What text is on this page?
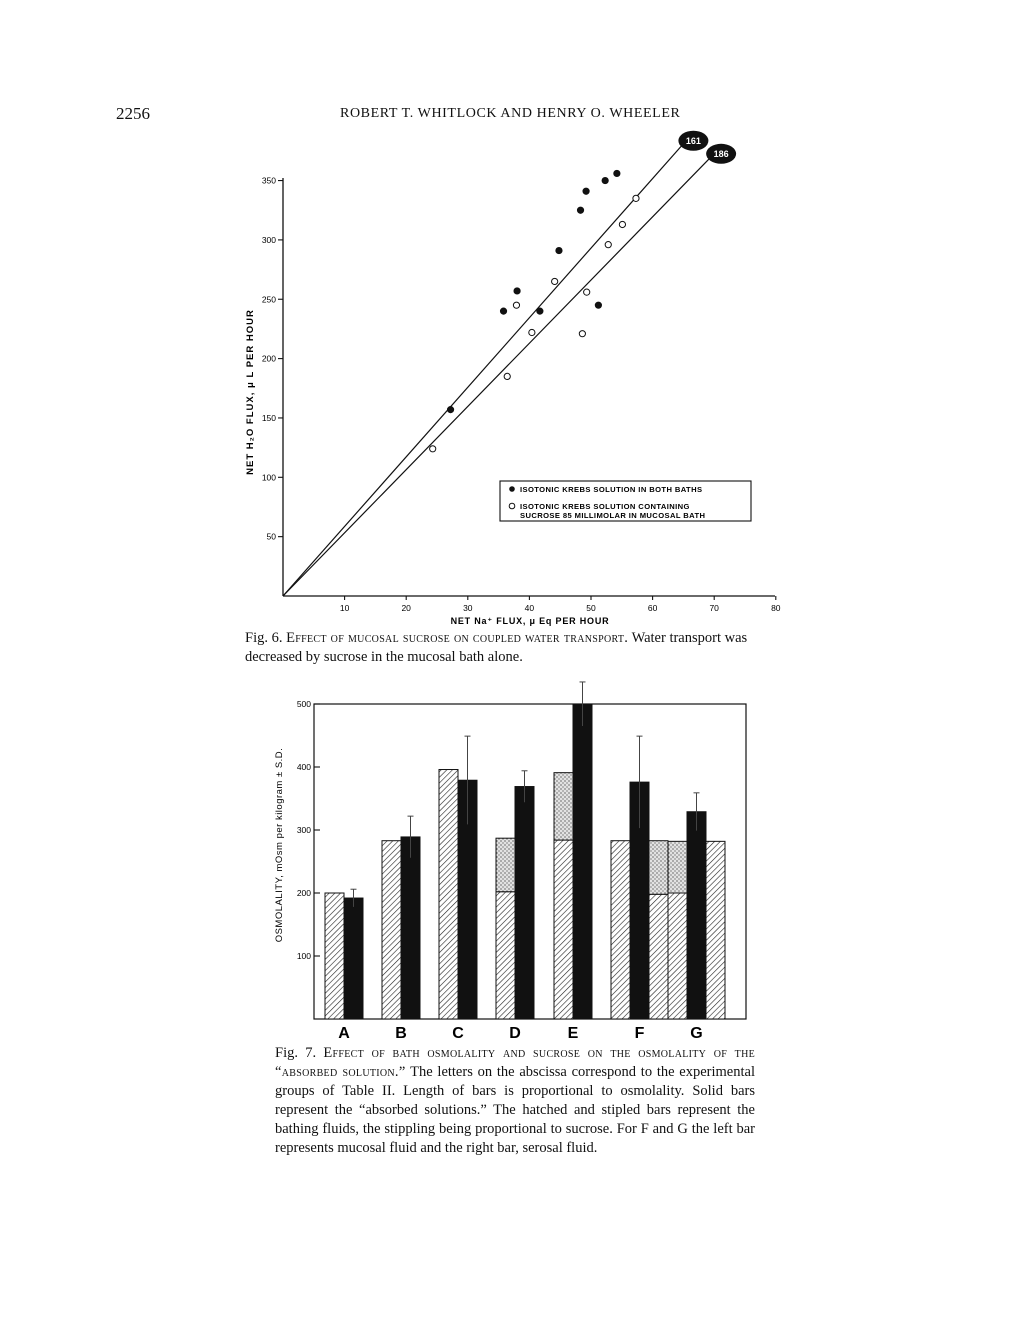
2256	ROBERT T. WHITLOCK AND HENRY O. WHEELER
50
100
150
200
250
300
350
10	20	30	40	50	60	70	80
161
186
NET H₂O FLUX, μ L PER HOUR
NET Na⁺ FLUX, μ Eq PER HOUR
ISOTONIC KREBS SOLUTION IN BOTH BATHS
ISOTONIC KREBS SOLUTION CONTAINING
SUCROSE 85 MILLIMOLAR IN MUCOSAL BATH
100
200
300
400
500
A	B	C	D	E	F	G
OSMOLALITY, mOsm per kilogram ± S.D.
Fig. 6. Effect of mucosal sucrose on coupled water transport. Water transport was decreased by sucrose in the mucosal bath alone.
Fig. 7. Effect of bath osmolality and sucrose on the osmolality of the “absorbed solution.” The letters on the abscissa correspond to the experimental groups of Table II. Length of bars is proportional to osmolality. Solid bars represent the “absorbed solutions.” The hatched and stipled bars represent the bathing fluids, the stippling being proportional to sucrose. For F and G the left bar represents mucosal fluid and the right bar, serosal fluid.
